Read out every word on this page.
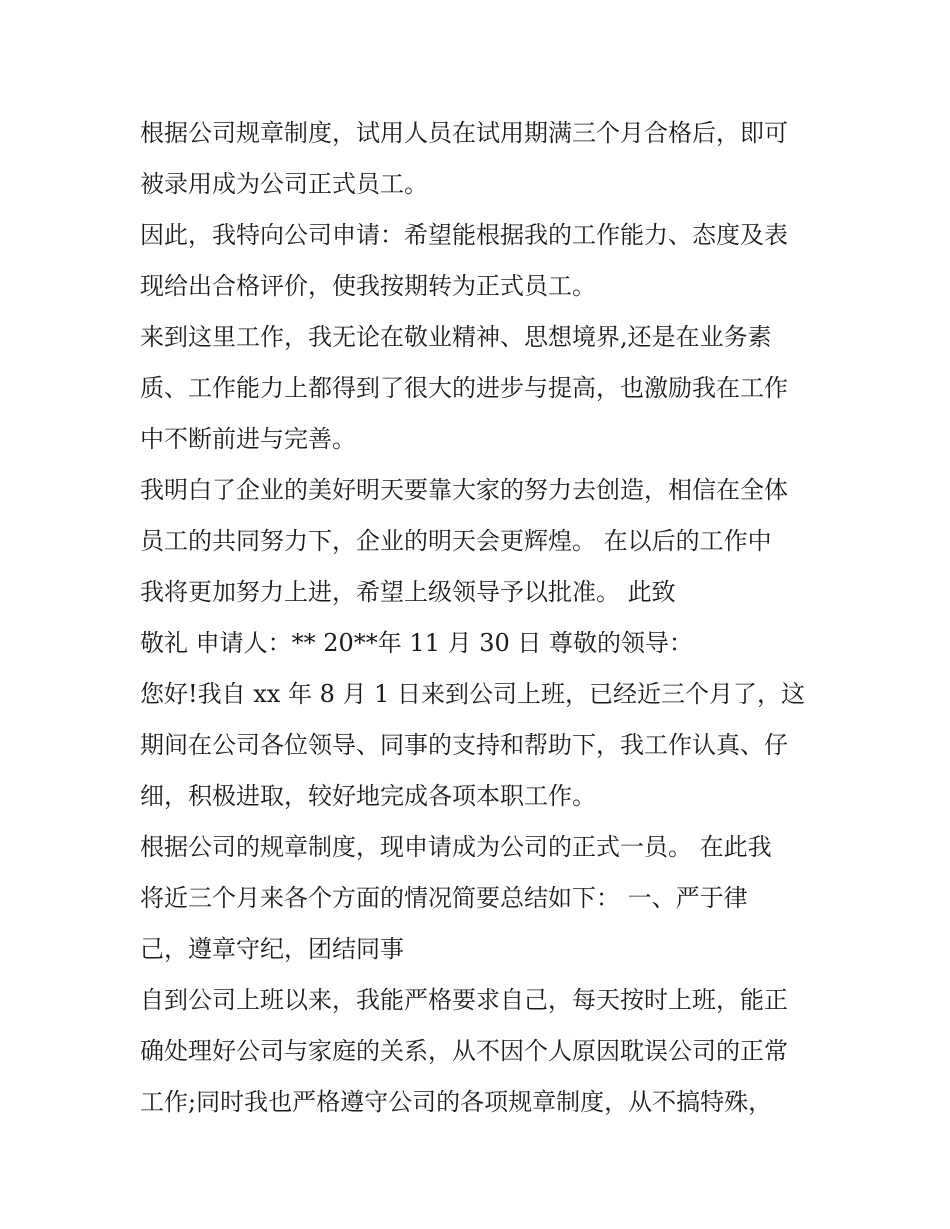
根据公司规章制度，试用人员在试用期满三个月合格后，即可
被录用成为公司正式员工。
因此，我特向公司申请：希望能根据我的工作能力、态度及表
现给出合格评价，使我按期转为正式员工。
来到这里工作，我无论在敬业精神、思想境界,还是在业务素
质、工作能力上都得到了很大的进步与提高，也激励我在工作
中不断前进与完善。
我明白了企业的美好明天要靠大家的努力去创造，相信在全体
员工的共同努力下，企业的明天会更辉煌。 在以后的工作中
我将更加努力上进，希望上级领导予以批准。 此致
敬礼 申请人：** 20**年 11 月 30 日 尊敬的领导：
您好!我自 xx 年 8 月 1 日来到公司上班，已经近三个月了，这
期间在公司各位领导、同事的支持和帮助下，我工作认真、仔
细，积极进取，较好地完成各项本职工作。
根据公司的规章制度，现申请成为公司的正式一员。 在此我
将近三个月来各个方面的情况简要总结如下： 一、严于律
己，遵章守纪，团结同事
自到公司上班以来，我能严格要求自己，每天按时上班，能正
确处理好公司与家庭的关系，从不因个人原因耽误公司的正常
工作;同时我也严格遵守公司的各项规章制度，从不搞特殊，
